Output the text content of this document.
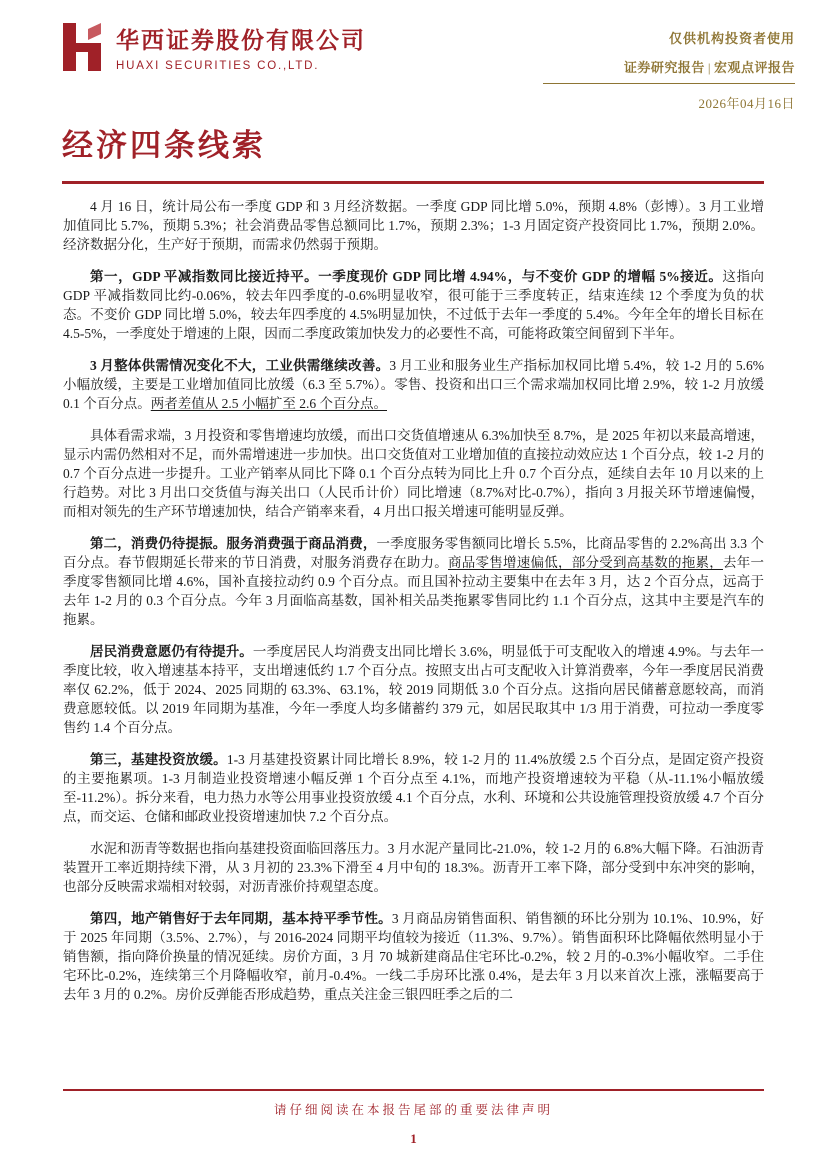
华西证券股份有限公司
HUAXI SECURITIES CO.,LTD.
仅供机构投资者使用
证券研究报告 | 宏观点评报告
2026年04月16日
经济四条线索

4 月 16 日，统计局公布一季度 GDP 和 3 月经济数据。一季度 GDP 同比增 5.0%，预期 4.8%（彭博）。3 月工业增加值同比 5.7%，预期 5.3%；社会消费品零售总额同比 1.7%，预期 2.3%；1-3 月固定资产投资同比 1.7%，预期 2.0%。经济数据分化，生产好于预期，而需求仍然弱于预期。

第一，GDP 平减指数同比接近持平。一季度现价 GDP 同比增 4.94%，与不变价 GDP 的增幅 5%接近。这指向 GDP 平减指数同比约-0.06%，较去年四季度的-0.6%明显收窄，很可能于三季度转正，结束连续 12 个季度为负的状态。不变价 GDP 同比增 5.0%，较去年四季度的 4.5%明显加快，不过低于去年一季度的 5.4%。今年全年的增长目标在 4.5-5%，一季度处于增速的上限，因而二季度政策加快发力的必要性不高，可能将政策空间留到下半年。

3 月整体供需情况变化不大，工业供需继续改善。3 月工业和服务业生产指标加权同比增 5.4%，较 1-2 月的 5.6%小幅放缓，主要是工业增加值同比放缓（6.3 至 5.7%）。零售、投资和出口三个需求端加权同比增 2.9%，较 1-2 月放缓 0.1 个百分点。两者差值从 2.5 小幅扩至 2.6 个百分点。

具体看需求端，3 月投资和零售增速均放缓，而出口交货值增速从 6.3%加快至 8.7%，是 2025 年初以来最高增速，显示内需仍然相对不足，而外需增速进一步加快。出口交货值对工业增加值的直接拉动效应达 1 个百分点，较 1-2 月的 0.7 个百分点进一步提升。工业产销率从同比下降 0.1 个百分点转为同比上升 0.7 个百分点，延续自去年 10 月以来的上行趋势。对比 3 月出口交货值与海关出口（人民币计价）同比增速（8.7%对比-0.7%），指向 3 月报关环节增速偏慢，而相对领先的生产环节增速加快，结合产销率来看，4 月出口报关增速可能明显反弹。

第二，消费仍待提振。服务消费强于商品消费，一季度服务零售额同比增长 5.5%，比商品零售的 2.2%高出 3.3 个百分点。春节假期延长带来的节日消费，对服务消费存在助力。商品零售增速偏低，部分受到高基数的拖累，去年一季度零售额同比增 4.6%，国补直接拉动约 0.9 个百分点。而且国补拉动主要集中在去年 3 月，达 2 个百分点，远高于去年 1-2 月的 0.3 个百分点。今年 3 月面临高基数，国补相关品类拖累零售同比约 1.1 个百分点，这其中主要是汽车的拖累。

居民消费意愿仍有待提升。一季度居民人均消费支出同比增长 3.6%，明显低于可支配收入的增速 4.9%。与去年一季度比较，收入增速基本持平，支出增速低约 1.7 个百分点。按照支出占可支配收入计算消费率，今年一季度居民消费率仅 62.2%，低于 2024、2025 同期的 63.3%、63.1%，较 2019 同期低 3.0 个百分点。这指向居民储蓄意愿较高，而消费意愿较低。以 2019 年同期为基准，今年一季度人均多储蓄约 379 元，如居民取其中 1/3 用于消费，可拉动一季度零售约 1.4 个百分点。

第三，基建投资放缓。1-3 月基建投资累计同比增长 8.9%，较 1-2 月的 11.4%放缓 2.5 个百分点，是固定资产投资的主要拖累项。1-3 月制造业投资增速小幅反弹 1 个百分点至 4.1%，而地产投资增速较为平稳（从-11.1%小幅放缓至-11.2%）。拆分来看，电力热力水等公用事业投资放缓 4.1 个百分点，水利、环境和公共设施管理投资放缓 4.7 个百分点，而交运、仓储和邮政业投资增速加快 7.2 个百分点。

水泥和沥青等数据也指向基建投资面临回落压力。3 月水泥产量同比-21.0%，较 1-2 月的 6.8%大幅下降。石油沥青装置开工率近期持续下滑，从 3 月初的 23.3%下滑至 4 月中旬的 18.3%。沥青开工率下降，部分受到中东冲突的影响，也部分反映需求端相对较弱，对沥青涨价持观望态度。

第四，地产销售好于去年同期，基本持平季节性。3 月商品房销售面积、销售额的环比分别为 10.1%、10.9%，好于 2025 年同期（3.5%、2.7%），与 2016-2024 同期平均值较为接近（11.3%、9.7%）。销售面积环比降幅依然明显小于销售额，指向降价换量的情况延续。房价方面，3 月 70 城新建商品住宅环比-0.2%，较 2 月的-0.3%小幅收窄。二手住宅环比-0.2%，连续第三个月降幅收窄，前月-0.4%。一线二手房环比涨 0.4%，是去年 3 月以来首次上涨，涨幅要高于去年 3 月的 0.2%。房价反弹能否形成趋势，重点关注金三银四旺季之后的二

请仔细阅读在本报告尾部的重要法律声明
1
